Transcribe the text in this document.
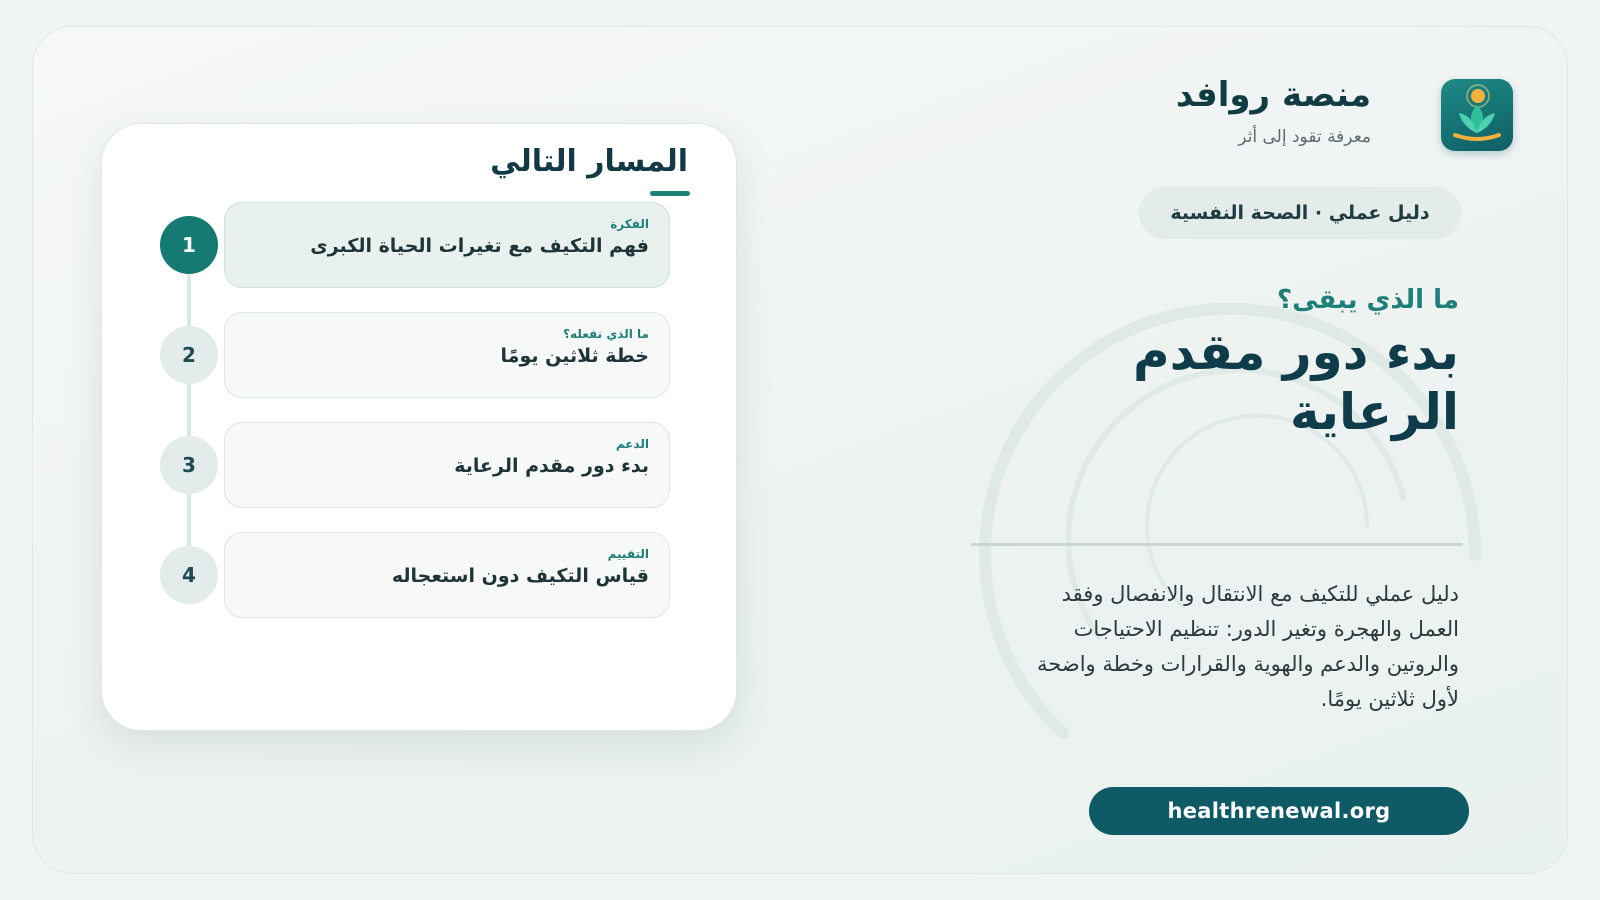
منصة روافد
معرفة تقود إلى أثر
دليل عملي · الصحة النفسية
ما الذي يبقى؟
بدء دور مقدم الرعاية
دليل عملي للتكيف مع الانتقال والانفصال وفقد العمل والهجرة وتغير الدور: تنظيم الاحتياجات والروتين والدعم والهوية والقرارات وخطة واضحة لأول ثلاثين يومًا.
healthrenewal.org
المسار التالي
1
الفكرة
فهم التكيف مع تغيرات الحياة الكبرى
2
ما الذي نفعله؟
خطة ثلاثين يومًا
3
الدعم
بدء دور مقدم الرعاية
4
التقييم
قياس التكيف دون استعجاله
